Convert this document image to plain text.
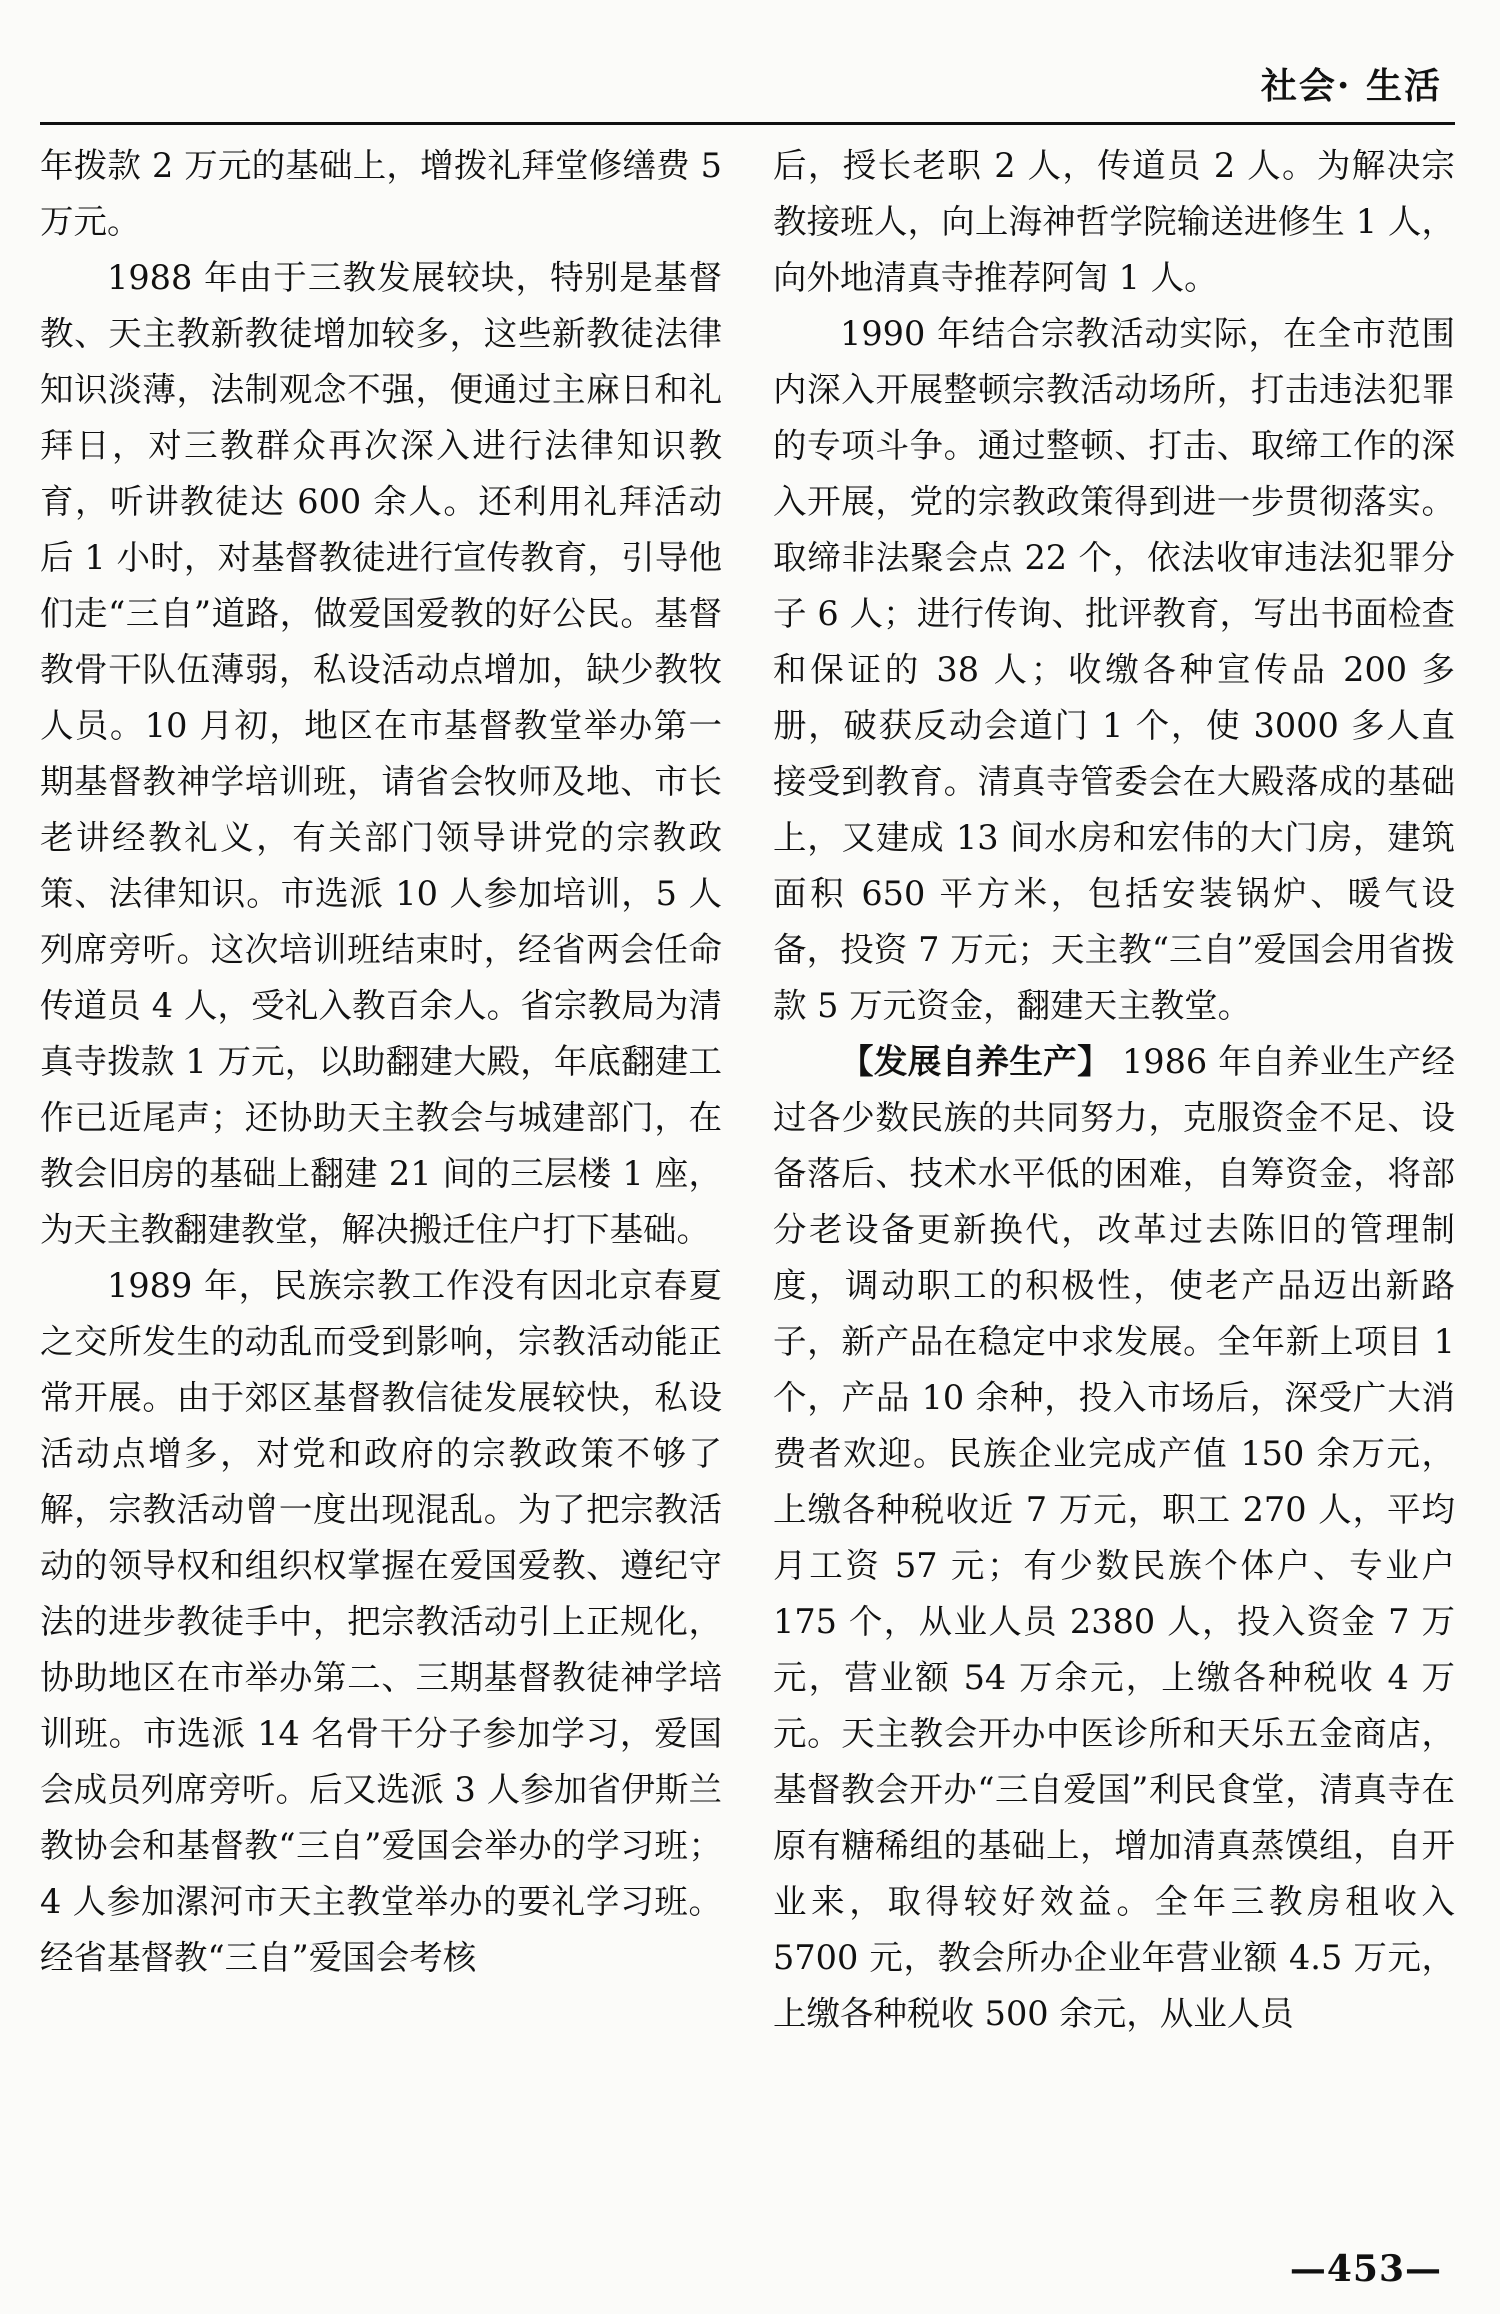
社会· 生活

年拨款 2 万元的基础上，增拨礼拜堂修缮费 5 万元。

1988 年由于三教发展较块，特别是基督教、天主教新教徒增加较多，这些新教徒法律知识淡薄，法制观念不强，便通过主麻日和礼拜日，对三教群众再次深入进行法律知识教育，听讲教徒达 600 余人。还利用礼拜活动后 1 小时，对基督教徒进行宣传教育，引导他们走“三自”道路，做爱国爱教的好公民。基督教骨干队伍薄弱，私设活动点增加，缺少教牧人员。10 月初，地区在市基督教堂举办第一期基督教神学培训班，请省会牧师及地、市长老讲经教礼义，有关部门领导讲党的宗教政策、法律知识。市选派 10 人参加培训，5 人列席旁听。这次培训班结束时，经省两会任命传道员 4 人，受礼入教百余人。省宗教局为清真寺拨款 1 万元，以助翻建大殿，年底翻建工作已近尾声；还协助天主教会与城建部门，在教会旧房的基础上翻建 21 间的三层楼 1 座，为天主教翻建教堂，解决搬迁住户打下基础。

1989 年，民族宗教工作没有因北京春夏之交所发生的动乱而受到影响，宗教活动能正常开展。由于郊区基督教信徒发展较快，私设活动点增多，对党和政府的宗教政策不够了解，宗教活动曾一度出现混乱。为了把宗教活动的领导权和组织权掌握在爱国爱教、遵纪守法的进步教徒手中，把宗教活动引上正规化，协助地区在市举办第二、三期基督教徒神学培训班。市选派 14 名骨干分子参加学习，爱国会成员列席旁听。后又选派 3 人参加省伊斯兰教协会和基督教“三自”爱国会举办的学习班；4 人参加漯河市天主教堂举办的要礼学习班。经省基督教“三自”爱国会考核

后，授长老职 2 人，传道员 2 人。为解决宗教接班人，向上海神哲学院输送进修生 1 人，向外地清真寺推荐阿訇 1 人。

1990 年结合宗教活动实际，在全市范围内深入开展整顿宗教活动场所，打击违法犯罪的专项斗争。通过整顿、打击、取缔工作的深入开展，党的宗教政策得到进一步贯彻落实。取缔非法聚会点 22 个，依法收审违法犯罪分子 6 人；进行传询、批评教育，写出书面检查和保证的 38 人；收缴各种宣传品 200 多册，破获反动会道门 1 个，使 3000 多人直接受到教育。清真寺管委会在大殿落成的基础上，又建成 13 间水房和宏伟的大门房，建筑面积 650 平方米，包括安装锅炉、暖气设备，投资 7 万元；天主教“三自”爱国会用省拨款 5 万元资金，翻建天主教堂。

【发展自养生产】 1986 年自养业生产经过各少数民族的共同努力，克服资金不足、设备落后、技术水平低的困难，自筹资金，将部分老设备更新换代，改革过去陈旧的管理制度，调动职工的积极性，使老产品迈出新路子，新产品在稳定中求发展。全年新上项目 1 个，产品 10 余种，投入市场后，深受广大消费者欢迎。民族企业完成产值 150 余万元，上缴各种税收近 7 万元，职工 270 人，平均月工资 57 元；有少数民族个体户、专业户 175 个，从业人员 2380 人，投入资金 7 万元，营业额 54 万余元，上缴各种税收 4 万元。天主教会开办中医诊所和天乐五金商店，基督教会开办“三自爱国”利民食堂，清真寺在原有糖稀组的基础上，增加清真蒸馍组，自开业来，取得较好效益。全年三教房租收入 5700 元，教会所办企业年营业额 4.5 万元，上缴各种税收 500 余元，从业人员

—453—
